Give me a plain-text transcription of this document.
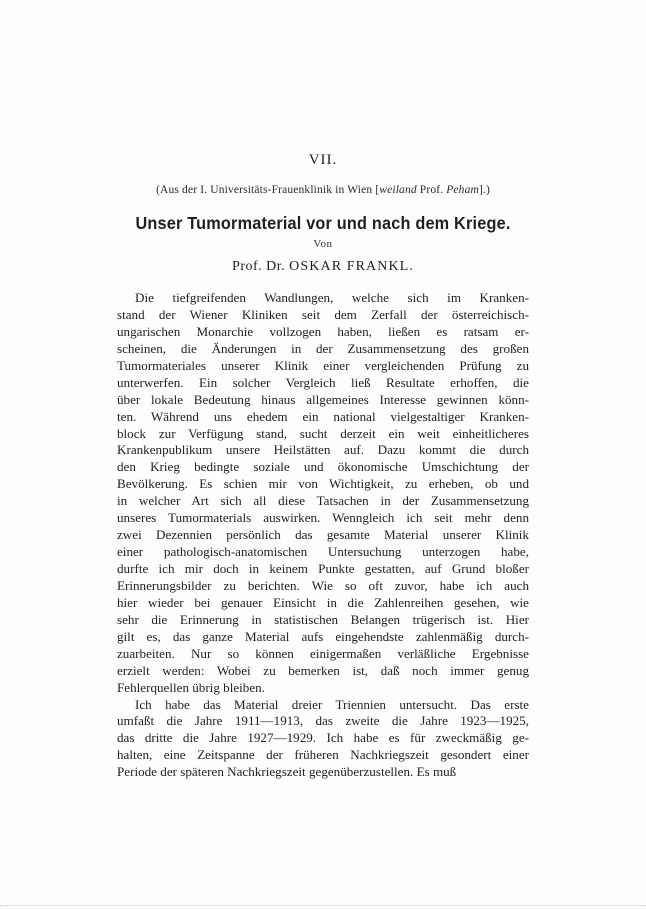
VII.
(Aus der I. Universitäts-Frauenklinik in Wien [weiland Prof. Peham].)
Unser Tumormaterial vor und nach dem Kriege.
Von
Prof. Dr. OSKAR FRANKL.
Die tiefgreifenden Wandlungen, welche sich im Kranken-
stand der Wiener Kliniken seit dem Zerfall der österreichisch-
ungarischen Monarchie vollzogen haben, ließen es ratsam er-
scheinen, die Änderungen in der Zusammensetzung des großen
Tumormateriales unserer Klinik einer vergleichenden Prüfung zu
unterwerfen. Ein solcher Vergleich ließ Resultate erhoffen, die
über lokale Bedeutung hinaus allgemeines Interesse gewinnen könn-
ten. Während uns ehedem ein national vielgestaltiger Kranken-
block zur Verfügung stand, sucht derzeit ein weit einheitlicheres
Krankenpublikum unsere Heilstätten auf. Dazu kommt die durch
den Krieg bedingte soziale und ökonomische Umschichtung der
Bevölkerung. Es schien mir von Wichtigkeit, zu erheben, ob und
in welcher Art sich all diese Tatsachen in der Zusammensetzung
unseres Tumormaterials auswirken. Wenngleich ich seit mehr denn
zwei Dezennien persönlich das gesamte Material unserer Klinik
einer pathologisch-anatomischen Untersuchung unterzogen habe,
durfte ich mir doch in keinem Punkte gestatten, auf Grund bloßer
Erinnerungsbilder zu berichten. Wie so oft zuvor, habe ich auch
hier wieder bei genauer Einsicht in die Zahlenreihen gesehen, wie
sehr die Erinnerung in statistischen Belangen trügerisch ist. Hier
gilt es, das ganze Material aufs eingehendste zahlenmäßig durch-
zuarbeiten. Nur so können einigermaßen verläßliche Ergebnisse
erzielt werden: Wobei zu bemerken ist, daß noch immer genug
Fehlerquellen übrig bleiben.
Ich habe das Material dreier Triennien untersucht. Das erste
umfaßt die Jahre 1911—1913, das zweite die Jahre 1923—1925,
das dritte die Jahre 1927—1929. Ich habe es für zweckmäßig ge-
halten, eine Zeitspanne der früheren Nachkriegszeit gesondert einer
Periode der späteren Nachkriegszeit gegenüberzustellen. Es muß
